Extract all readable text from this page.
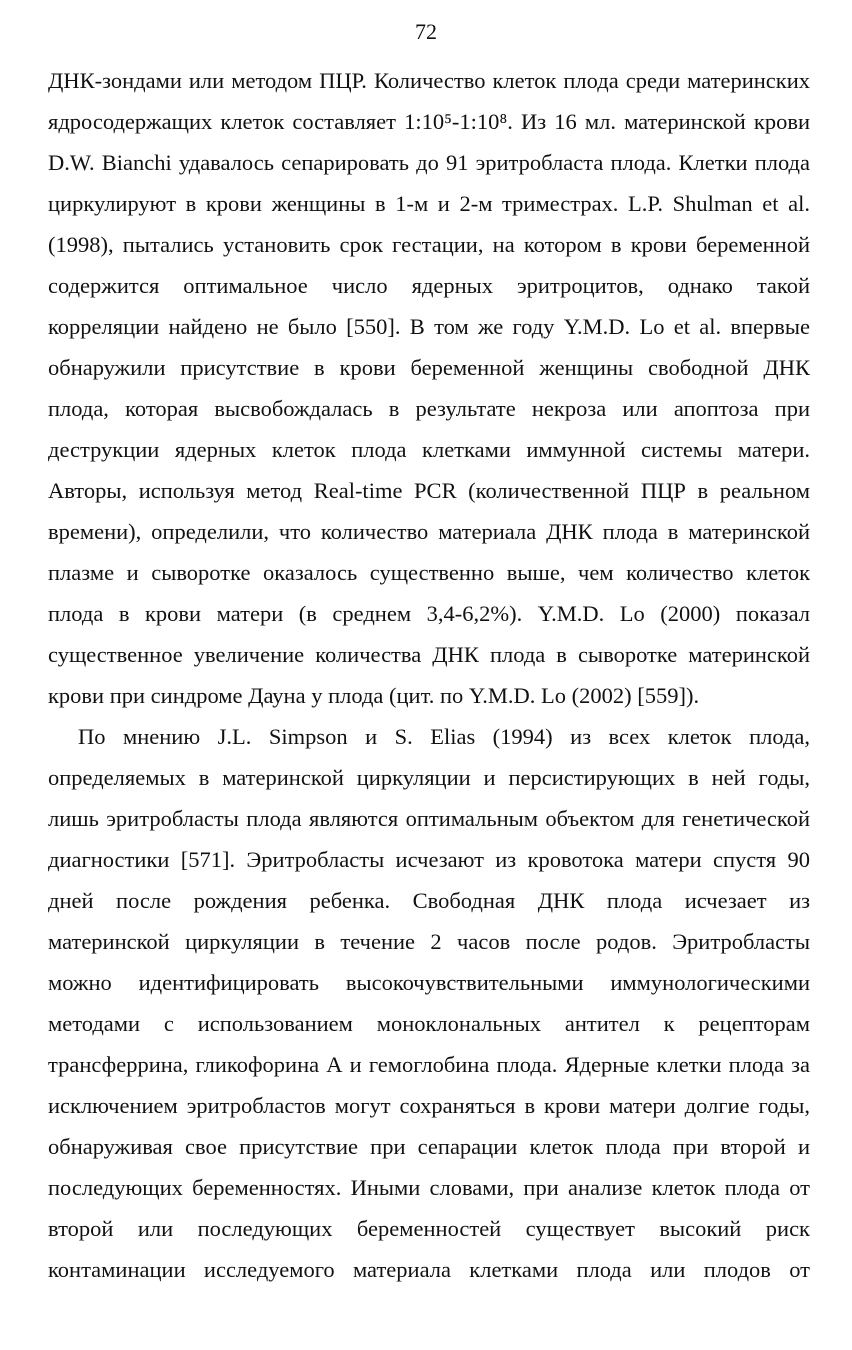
72
ДНК-зондами или методом ПЦР. Количество клеток плода среди материнских
ядросодержащих клеток составляет 1:10⁵-1:10⁸. Из 16 мл. материнской крови
D.W. Bianchi удавалось сепарировать до 91 эритробласта плода. Клетки плода
циркулируют в крови женщины в 1-м и 2-м триместрах. L.P. Shulman et al.
(1998), пытались установить срок гестации, на котором в крови беременной
содержится оптимальное число ядерных эритроцитов, однако такой
корреляции найдено не было [550]. В том же году Y.M.D. Lo et al. впервые
обнаружили присутствие в крови беременной женщины свободной ДНК
плода, которая высвобождалась в результате некроза или апоптоза при
деструкции ядерных клеток плода клетками иммунной системы матери.
Авторы, используя метод Real-time PCR (количественной ПЦР в реальном
времени), определили, что количество материала ДНК плода в материнской
плазме и сыворотке оказалось существенно выше, чем количество клеток
плода в крови матери (в среднем 3,4-6,2%). Y.M.D. Lo (2000) показал
существенное увеличение количества ДНК плода в сыворотке материнской
крови при синдроме Дауна у плода (цит. по Y.M.D. Lo (2002) [559]).
По мнению J.L. Simpson и S. Elias (1994) из всех клеток плода,
определяемых в материнской циркуляции и персистирующих в ней годы,
лишь эритробласты плода являются оптимальным объектом для генетической
диагностики [571]. Эритробласты исчезают из кровотока матери спустя 90
дней после рождения ребенка. Свободная ДНК плода исчезает из
материнской циркуляции в течение 2 часов после родов. Эритробласты
можно идентифицировать высокочувствительными иммунологическими
методами с использованием моноклональных антител к рецепторам
трансферрина, гликофорина А и гемоглобина плода. Ядерные клетки плода за
исключением эритробластов могут сохраняться в крови матери долгие годы,
обнаруживая свое присутствие при сепарации клеток плода при второй и
последующих беременностях. Иными словами, при анализе клеток плода от
второй или последующих беременностей существует высокий риск
контаминации исследуемого материала клетками плода или плодов от
